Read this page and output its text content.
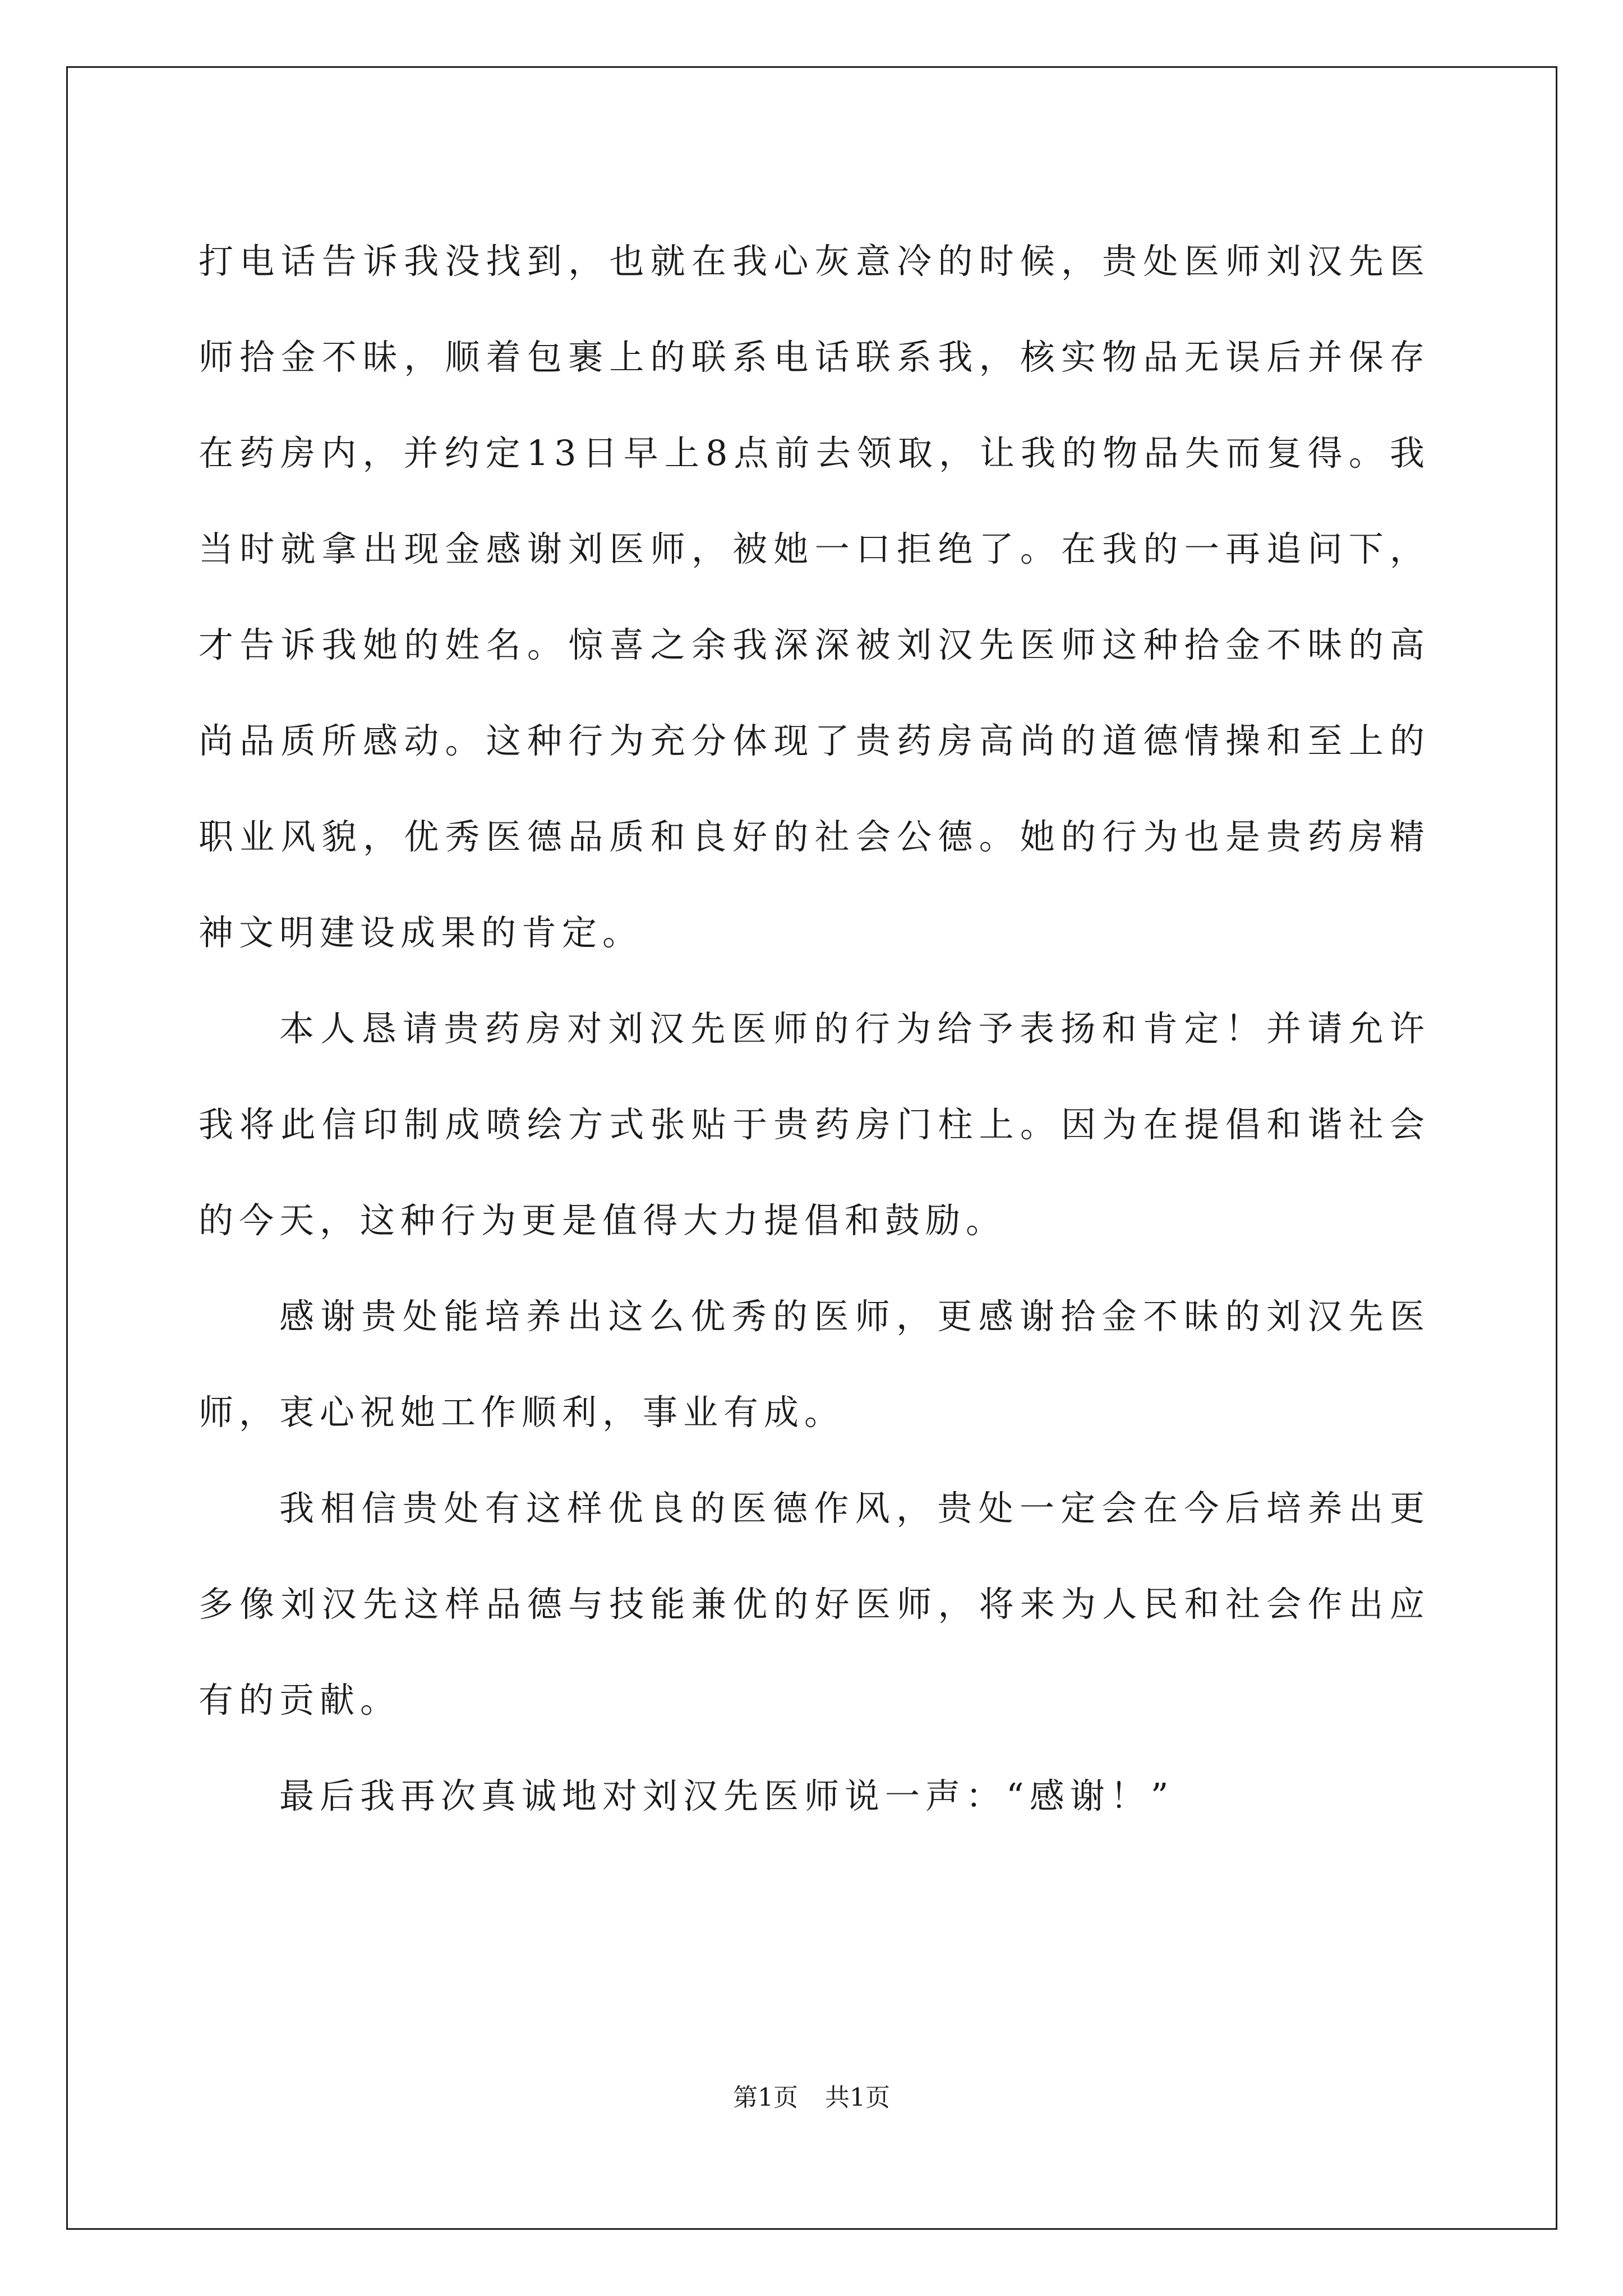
打电话告诉我没找到，也就在我心灰意冷的时候，贵处医师刘汉先医师拾金不昧，顺着包裹上的联系电话联系我，核实物品无误后并保存在药房内，并约定13日早上8点前去领取，让我的物品失而复得。我当时就拿出现金感谢刘医师，被她一口拒绝了。在我的一再追问下，才告诉我她的姓名。惊喜之余我深深被刘汉先医师这种拾金不昧的高尚品质所感动。这种行为充分体现了贵药房高尚的道德情操和至上的职业风貌，优秀医德品质和良好的社会公德。她的行为也是贵药房精神文明建设成果的肯定。

本人恳请贵药房对刘汉先医师的行为给予表扬和肯定！并请允许我将此信印制成喷绘方式张贴于贵药房门柱上。因为在提倡和谐社会的今天，这种行为更是值得大力提倡和鼓励。

感谢贵处能培养出这么优秀的医师，更感谢拾金不昧的刘汉先医师，衷心祝她工作顺利，事业有成。

我相信贵处有这样优良的医德作风，贵处一定会在今后培养出更多像刘汉先这样品德与技能兼优的好医师，将来为人民和社会作出应有的贡献。

最后我再次真诚地对刘汉先医师说一声：“感谢！”

第1页 共1页
